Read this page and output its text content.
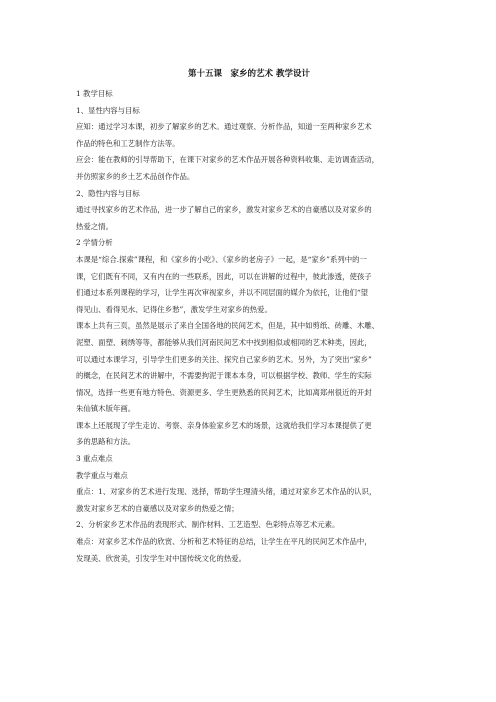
第十五课　家乡的艺术 教学设计
1 教学目标
1、显性内容与目标
应知：通过学习本课，初步了解家乡的艺术。通过观察、分析作品，知道一至两种家乡艺术
作品的特色和工艺制作方法等。
应会：能在教师的引导帮助下，在课下对家乡的艺术作品开展各种资料收集、走访调查活动，
并仿照家乡的乡土艺术品创作作品。
2、隐性内容与目标
通过寻找家乡的艺术作品，进一步了解自己的家乡，激发对家乡艺术的自豪感以及对家乡的
热爱之情。
2 学情分析
本课是“综合.探索”课程，和《家乡的小吃》、《家乡的老房子》一起，是“家乡”系列中的一
课，它们既有不同，又有内在的一些联系，因此，可以在讲解的过程中，彼此渗透，使孩子
们通过本系列课程的学习，让学生再次审视家乡，并以不同层面的媒介为依托，让他们“望
得见山、看得见水、记得住乡愁”，激发学生对家乡的热爱。
课本上共有三页，虽然是展示了来自全国各地的民间艺术，但是，其中如剪纸、砖雕、木雕、
泥塑、面塑、刺绣等等，都能够从我们河南民间艺术中找到相似或相同的艺术种类，因此，
可以通过本课学习，引导学生们更多的关注、探究自己家乡的艺术。另外，为了突出“家乡”
的概念，在民间艺术的讲解中，不需要拘泥于课本本身，可以根据学校、教师、学生的实际
情况，选择一些更有地方特色、资源更多、学生更熟悉的民间艺术，比如离郑州很近的开封
朱仙镇木版年画。
课本上还展现了学生走访、考察、亲身体验家乡艺术的场景，这就给我们学习本课提供了更
多的思路和方法。
3 重点难点
教学重点与难点
重点：1、对家乡的艺术进行发现、选择，帮助学生理清头绪，通过对家乡艺术作品的认识，
激发对家乡艺术的自豪感以及对家乡的热爱之情；
2、分析家乡艺术作品的表现形式、制作材料、工艺造型、色彩特点等艺术元素。
难点：对家乡艺术作品的欣赏、分析和艺术特征的总结，让学生在平凡的民间艺术作品中，
发现美、欣赏美，引发学生对中国传统文化的热爱。
